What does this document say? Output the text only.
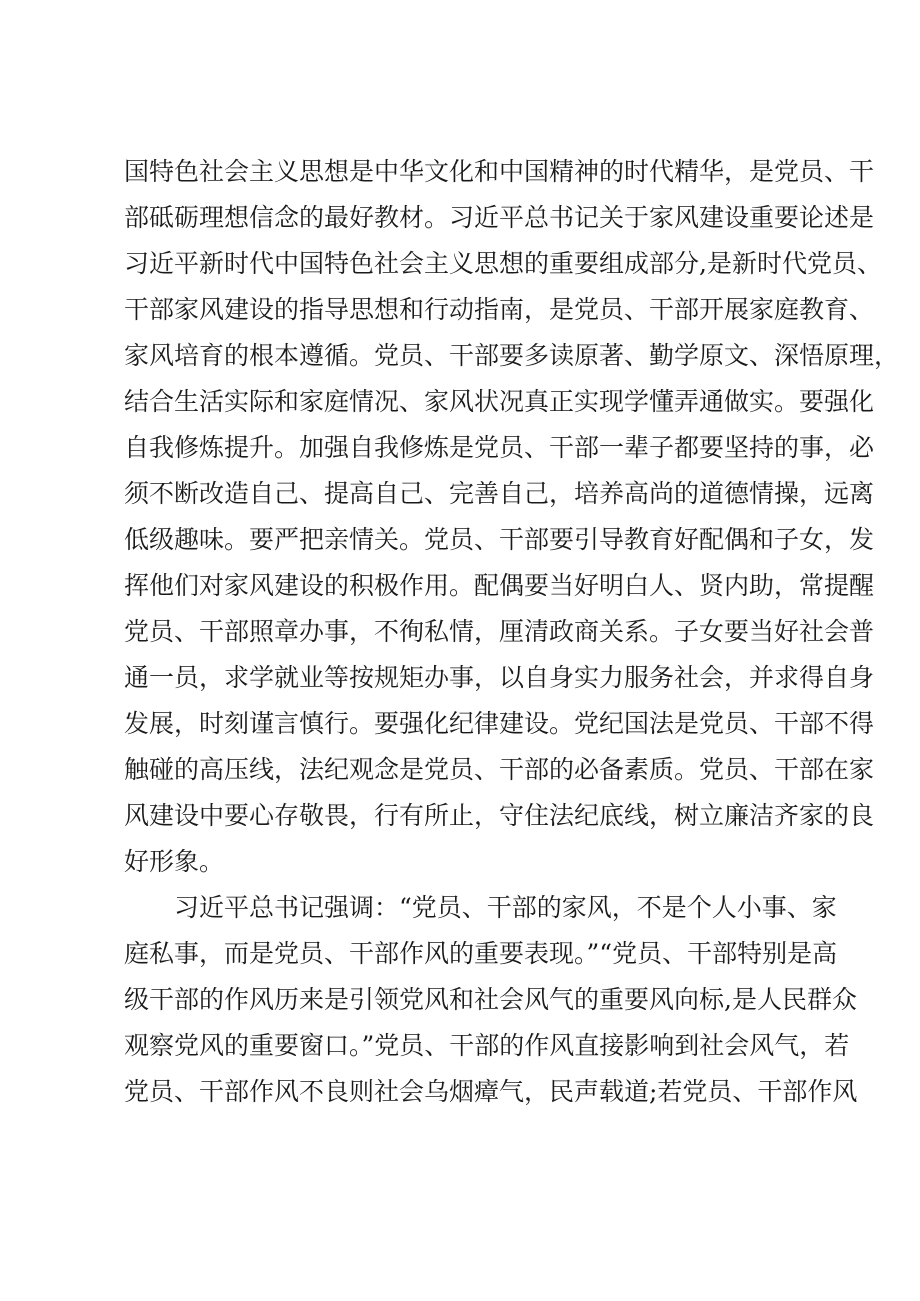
国特色社会主义思想是中华文化和中国精神的时代精华，是党员、干
部砥砺理想信念的最好教材。习近平总书记关于家风建设重要论述是
习近平新时代中国特色社会主义思想的重要组成部分,是新时代党员、
干部家风建设的指导思想和行动指南，是党员、干部开展家庭教育、
家风培育的根本遵循。党员、干部要多读原著、勤学原文、深悟原理，
结合生活实际和家庭情况、家风状况真正实现学懂弄通做实。要强化
自我修炼提升。加强自我修炼是党员、干部一辈子都要坚持的事，必
须不断改造自己、提高自己、完善自己，培养高尚的道德情操，远离
低级趣味。要严把亲情关。党员、干部要引导教育好配偶和子女，发
挥他们对家风建设的积极作用。配偶要当好明白人、贤内助，常提醒
党员、干部照章办事，不徇私情，厘清政商关系。子女要当好社会普
通一员，求学就业等按规矩办事，以自身实力服务社会，并求得自身
发展，时刻谨言慎行。要强化纪律建设。党纪国法是党员、干部不得
触碰的高压线，法纪观念是党员、干部的必备素质。党员、干部在家
风建设中要心存敬畏，行有所止，守住法纪底线，树立廉洁齐家的良
好形象。
习近平总书记强调：“党员、干部的家风，不是个人小事、家
庭私事，而是党员、干部作风的重要表现。”“党员、干部特别是高
级干部的作风历来是引领党风和社会风气的重要风向标,是人民群众
观察党风的重要窗口。”党员、干部的作风直接影响到社会风气，若
党员、干部作风不良则社会乌烟瘴气，民声载道;若党员、干部作风
